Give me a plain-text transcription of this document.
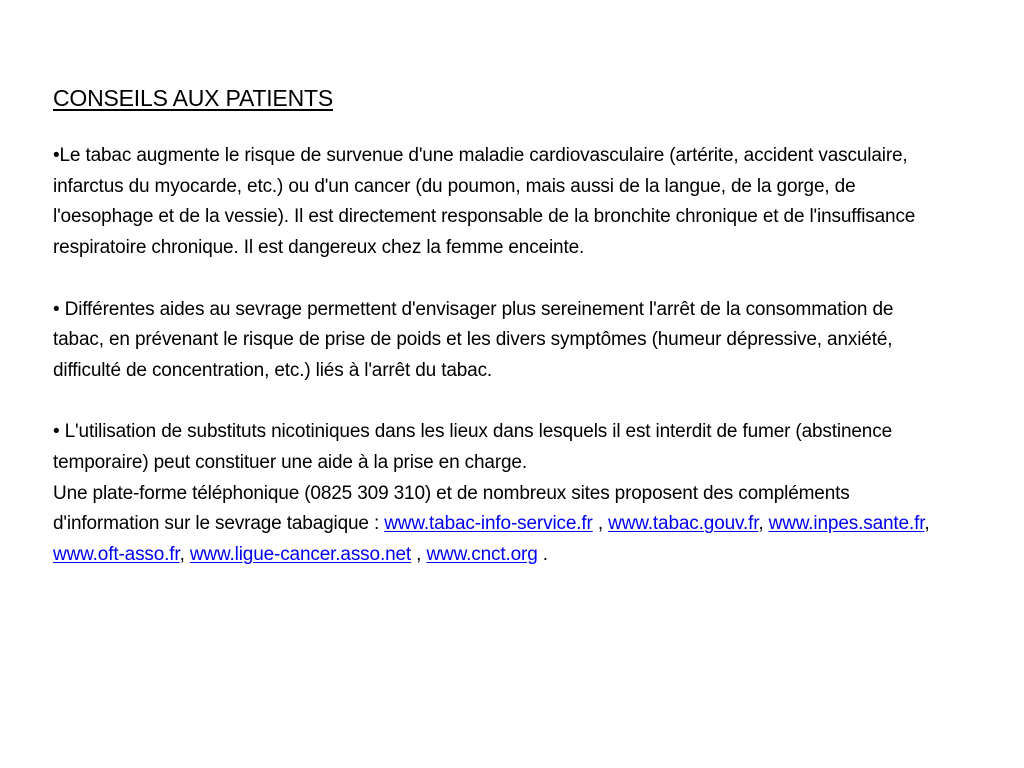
CONSEILS AUX PATIENTS

•Le tabac augmente le risque de survenue d'une maladie cardiovasculaire (artérite, accident vasculaire, infarctus du myocarde, etc.) ou d'un cancer (du poumon, mais aussi de la langue, de la gorge, de l'oesophage et de la vessie). Il est directement responsable de la bronchite chronique et de l'insuffisance respiratoire chronique. Il est dangereux chez la femme enceinte.

• Différentes aides au sevrage permettent d'envisager plus sereinement l'arrêt de la consommation de tabac, en prévenant le risque de prise de poids et les divers symptômes (humeur dépressive, anxiété, difficulté de concentration, etc.) liés à l'arrêt du tabac.

• L'utilisation de substituts nicotiniques dans les lieux dans lesquels il est interdit de fumer (abstinence temporaire) peut constituer une aide à la prise en charge.
Une plate-forme téléphonique (0825 309 310) et de nombreux sites proposent des compléments d'information sur le sevrage tabagique : www.tabac-info-service.fr , www.tabac.gouv.fr, www.inpes.sante.fr, www.oft-asso.fr, www.ligue-cancer.asso.net , www.cnct.org .
